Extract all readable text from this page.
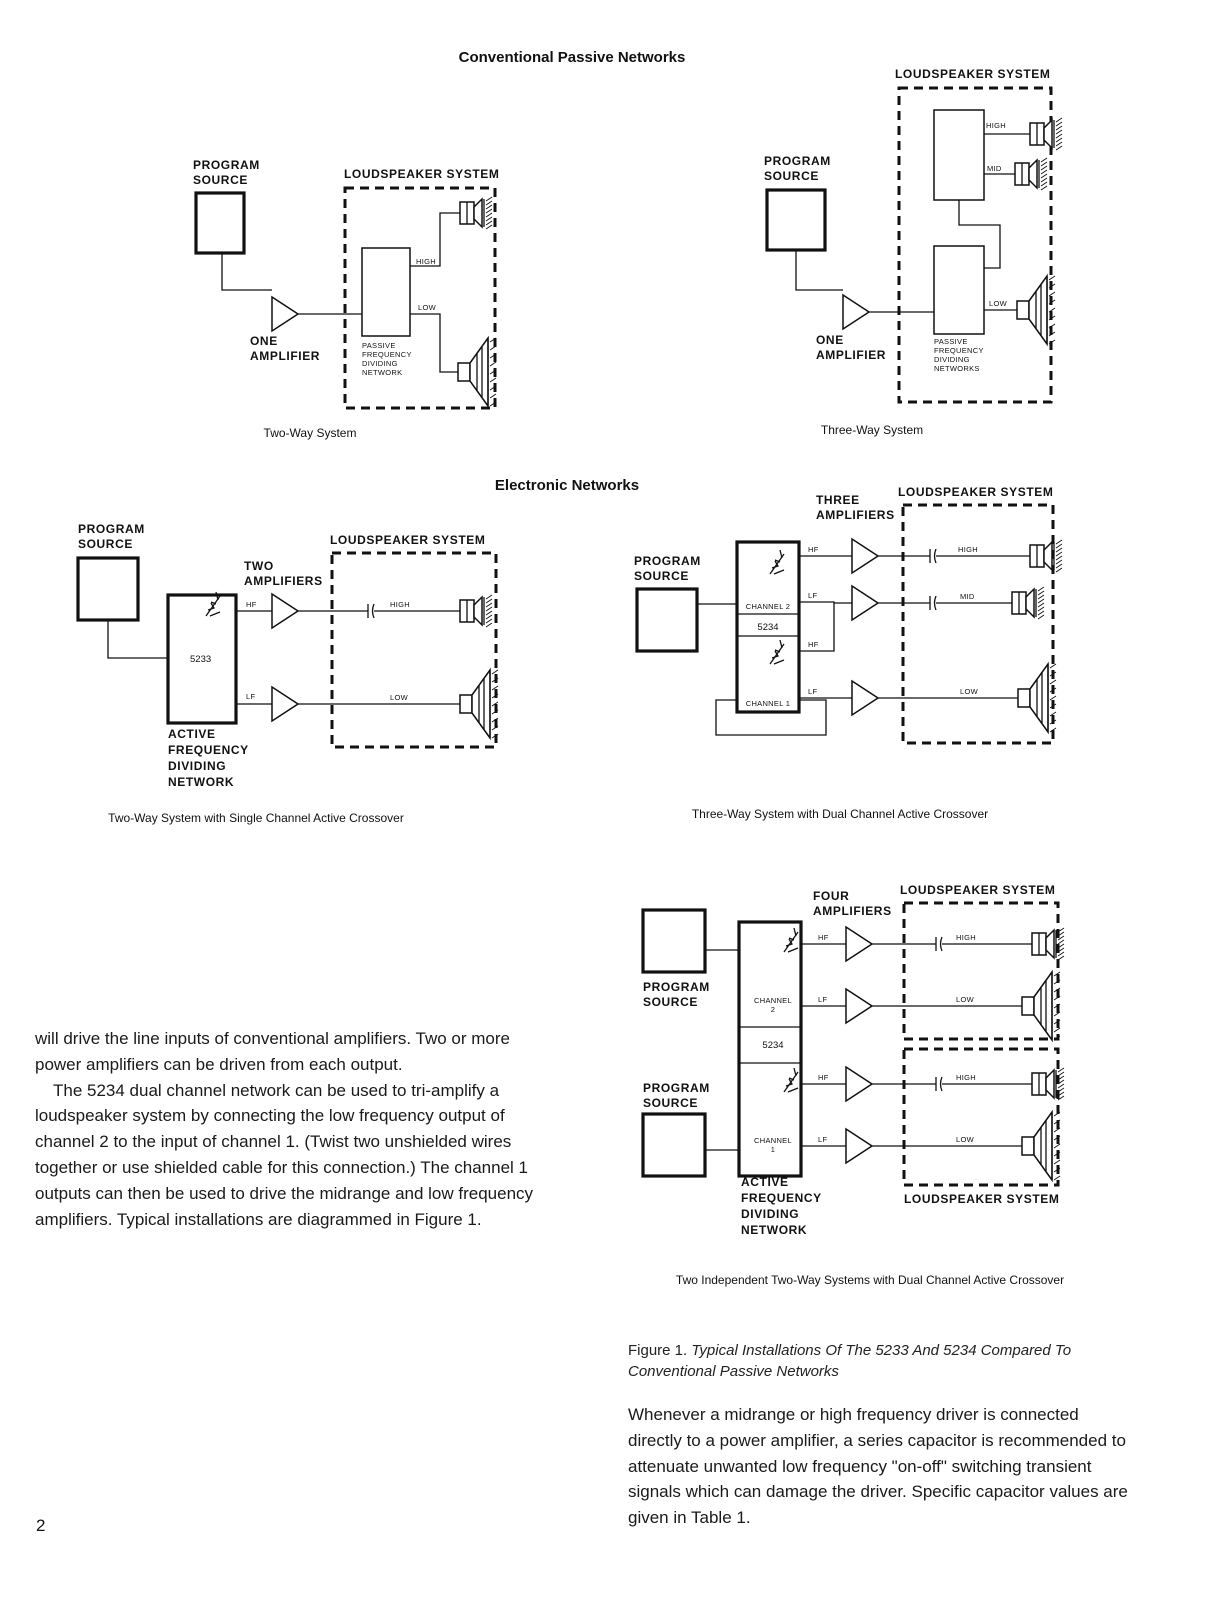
Conventional Passive Networks
Electronic Networks
PROGRAM
SOURCE	LOUDSPEAKER SYSTEM
ONE
AMPLIFIER
PASSIVE
FREQUENCY
DIVIDING
NETWORK
HIGH
LOW
Two-Way System
LOUDSPEAKER SYSTEM
PROGRAM
SOURCE
ONE
AMPLIFIER
HIGH
MID
LOW
PASSIVE
FREQUENCY
DIVIDING
NETWORKS
Three-Way System
PROGRAM
SOURCE
5233
ACTIVE
FREQUENCY
DIVIDING
NETWORK
TWO
AMPLIFIERS
LOUDSPEAKER SYSTEM
HF	HIGH
LF	LOW
Two-Way System with Single Channel Active Crossover
THREE
AMPLIFIERS
LOUDSPEAKER SYSTEM
PROGRAM
SOURCE
CHANNEL 2
5234
CHANNEL 1
HF	HIGH
LF	MID
HF
LF	LOW
Three-Way System with Dual Channel Active Crossover
FOUR
AMPLIFIERS
LOUDSPEAKER SYSTEM
LOUDSPEAKER SYSTEM
PROGRAM
SOURCE
PROGRAM
SOURCE
CHANNEL
2
5234
CHANNEL
1
ACTIVE
FREQUENCY
DIVIDING
NETWORK
HF	HIGH
LF	LOW
HF	HIGH
LF	LOW
Two Independent Two-Way Systems with Dual Channel Active Crossover

will drive the line inputs of conventional amplifiers. Two or more power amplifiers can be driven from each output.

The 5234 dual channel network can be used to tri-amplify a loudspeaker system by connecting the low frequency output of channel 2 to the input of channel 1. (Twist two unshielded wires together or use shielded cable for this connection.) The channel 1 outputs can then be used to drive the midrange and low frequency amplifiers. Typical installations are diagrammed in Figure 1.

Figure 1. Typical Installations Of The 5233 And 5234 Compared To Conventional Passive Networks

Whenever a midrange or high frequency driver is connected directly to a power amplifier, a series capacitor is recommended to attenuate unwanted low frequency "on-off" switching transient signals which can damage the driver. Specific capacitor values are given in Table 1.

2
